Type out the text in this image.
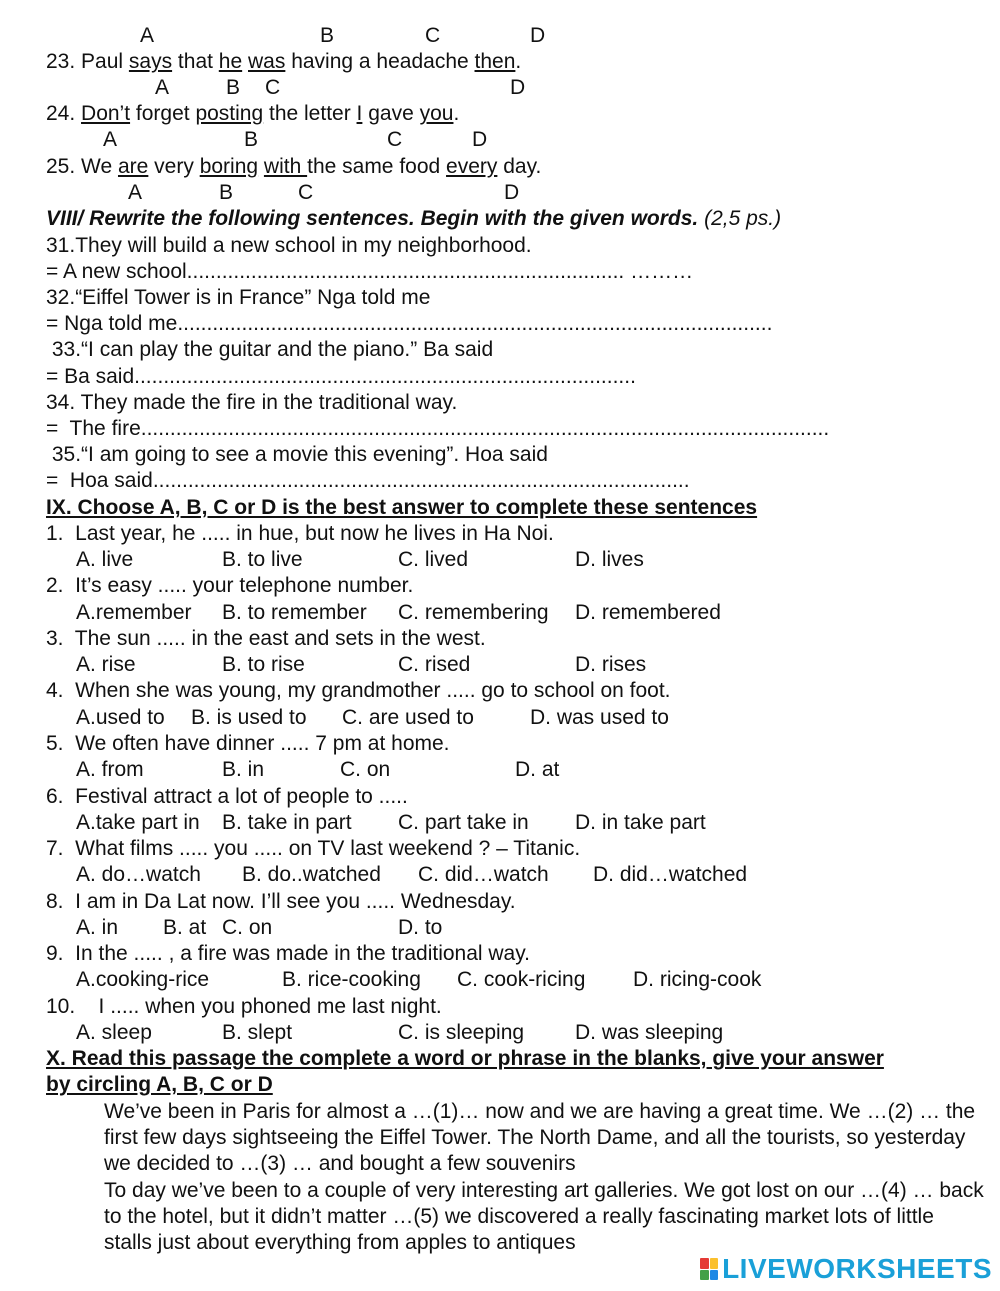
A	B	C	D
23. Paul says that he was having a headache then.
A	B C	D
24. Don’t forget posting the letter I gave you.
A	B	C	D
25. We are very boring with the same food every day.
A	B	C	D
VIII/ Rewrite the following sentences. Begin with the given words. (2,5 ps.)
31.They will build a new school in my neighborhood.
= A new school........................................................................... ………
32.“Eiffel Tower is in France” Nga told me
= Nga told me......................................................................................................
33.“I can play the guitar and the piano.” Ba said
= Ba said......................................................................................
34. They made the fire in the traditional way.
=  The fire......................................................................................................................
35.“I am going to see a movie this evening”. Hoa said
=  Hoa said............................................................................................
IX. Choose A, B, C or D is the best answer to complete these sentences
1.  Last year, he ..... in hue, but now he lives in Ha Noi.
A. live	B. to live	C. lived	D. lives
2.  It’s easy ..... your telephone number.
A.remember B. to remember C. remembering D. remembered
3.  The sun ..... in the east and sets in the west.
A. rise	B. to rise	C. rised	D. rises
4.  When she was young, my grandmother ..... go to school on foot.
A.used to B. is used to C. are used to	D. was used to
5.  We often have dinner ..... 7 pm at home.
A. from	B. in	C. on	D. at
6.  Festival attract a lot of people to .....
A.take part in B. take in part C. part take in D. in take part
7.  What films ..... you ..... on TV last weekend ? – Titanic.
A. do…watch B. do..watched C. did…watch D. did…watched
8.  I am in Da Lat now. I’ll see you ..... Wednesday.
A. in B. at C. on	D. to
9.  In the ..... , a fire was made in the traditional way.
A.cooking-rice	B. rice-cooking C. cook-ricing D. ricing-cook
10.    I ..... when you phoned me last night.
A. sleep	B. slept	C. is sleeping D. was sleeping
X. Read this passage the complete a word or phrase in the blanks, give your answer
by circling A, B, C or D

We’ve been in Paris for almost a …(1)… now and we are having a great time. We …(2) … the first few days sightseeing the Eiffel Tower. The North Dame, and all the tourists, so yesterday we decided to …(3) … and bought a few souvenirs

To day we’ve been to a couple of very interesting art galleries. We got lost on our …(4) … back to the hotel, but it didn’t matter …(5) we discovered a really fascinating market lots of little stalls just about everything from apples to antiques

LIVEWORKSHEETS
